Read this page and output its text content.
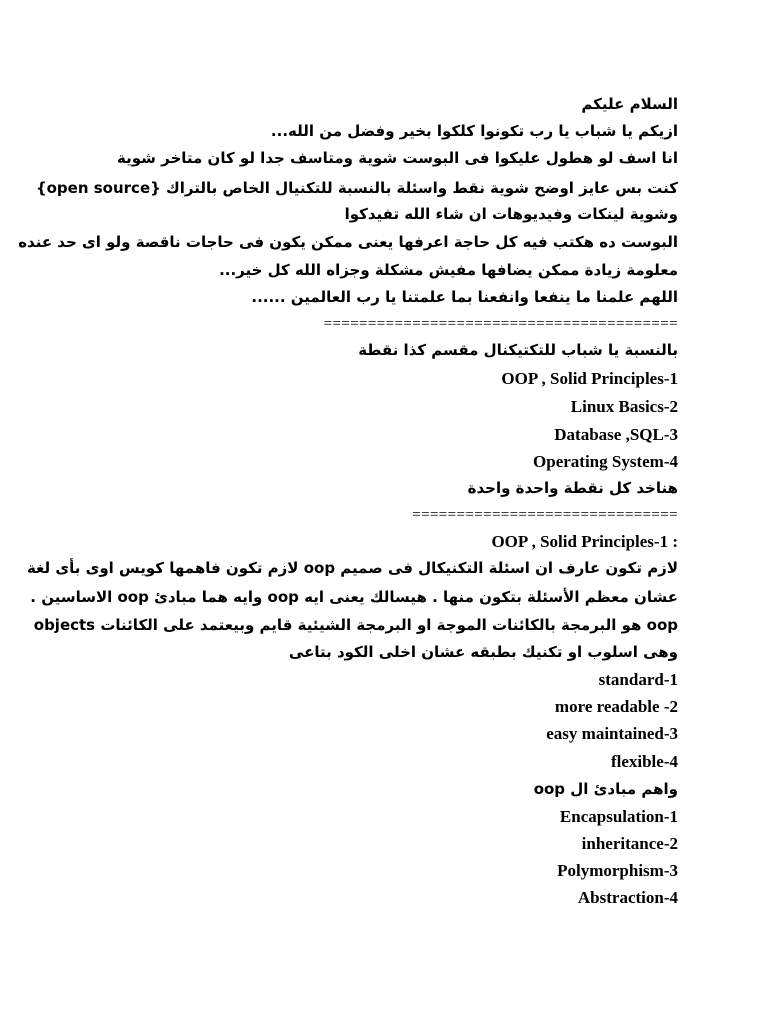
السلام عليكم
ازيكم يا شباب يا رب تكونوا كلكوا بخير وفضل من الله...
انا اسف لو هطول عليكوا فى البوست شوية ومتاسف جدا لو كان متاخر شوية
كنت بس عايز اوضح شوية نقط واسئلة بالنسبة للتكنيال الخاص بالتراك {open source}
وشوية لينكات وفيديوهات ان شاء الله تفيدكوا
البوست ده هكتب فيه كل حاجة اعرفها يعنى ممكن يكون فى حاجات ناقصة ولو اى حد عنده
معلومة زيادة ممكن يضافها مفيش مشكلة وجزاه الله كل خير...
اللهم علمنا ما ينفعا وانفعنا بما علمتنا يا رب العالمين ......
========================================
بالنسبة يا شباب للتكتيكنال مقسم كذا نقطة
OOP , Solid Principles-1
Linux Basics-2
Database ,SQL-3
Operating System-4
هناخد كل نقطة واحدة واحدة
==============================
: OOP , Solid Principles-1
لازم تكون عارف ان اسئلة التكنيكال فى صميم oop لازم تكون فاهمها كويس اوى بأى لغة
عشان معظم الأسئلة بتكون منها . هيسالك يعنى ايه oop وايه هما مبادئ oop الاساسين .
oop هو البرمجة بالكائنات الموجة او البرمجة الشيئية قايم وبيعتمد على الكائنات objects
وهى اسلوب او تكنيك بطبقه عشان اخلى الكود بتاعى
standard-1
more readable -2
easy maintained-3
flexible-4
واهم مبادئ ال oop
Encapsulation-1
inheritance-2
Polymorphism-3
Abstraction-4
